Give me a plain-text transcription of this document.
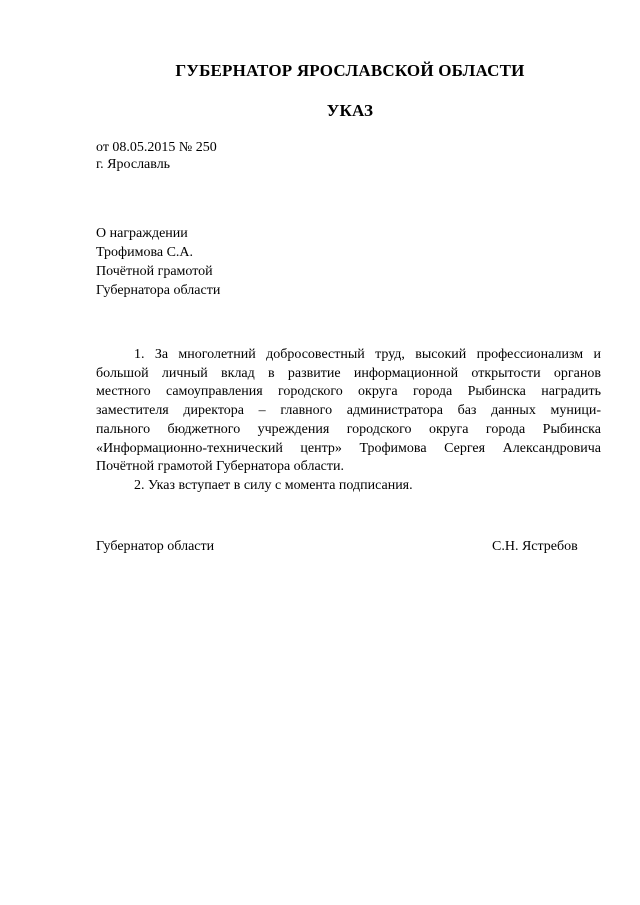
ГУБЕРНАТОР ЯРОСЛАВСКОЙ ОБЛАСТИ
УКАЗ
от 08.05.2015 № 250
г. Ярославль
О награждении
Трофимова С.А.
Почётной грамотой
Губернатора области
1. За многолетний добросовестный труд, высокий профессионализм и
большой личный вклад в развитие информационной открытости органов
местного самоуправления городского округа города Рыбинска наградить
заместителя директора – главного администратора баз данных муници-
пального бюджетного учреждения городского округа города Рыбинска
«Информационно-технический центр» Трофимова Сергея Александровича
Почётной грамотой Губернатора области.

2. Указ вступает в силу с момента подписания.

Губернатор области	С.Н. Ястребов
